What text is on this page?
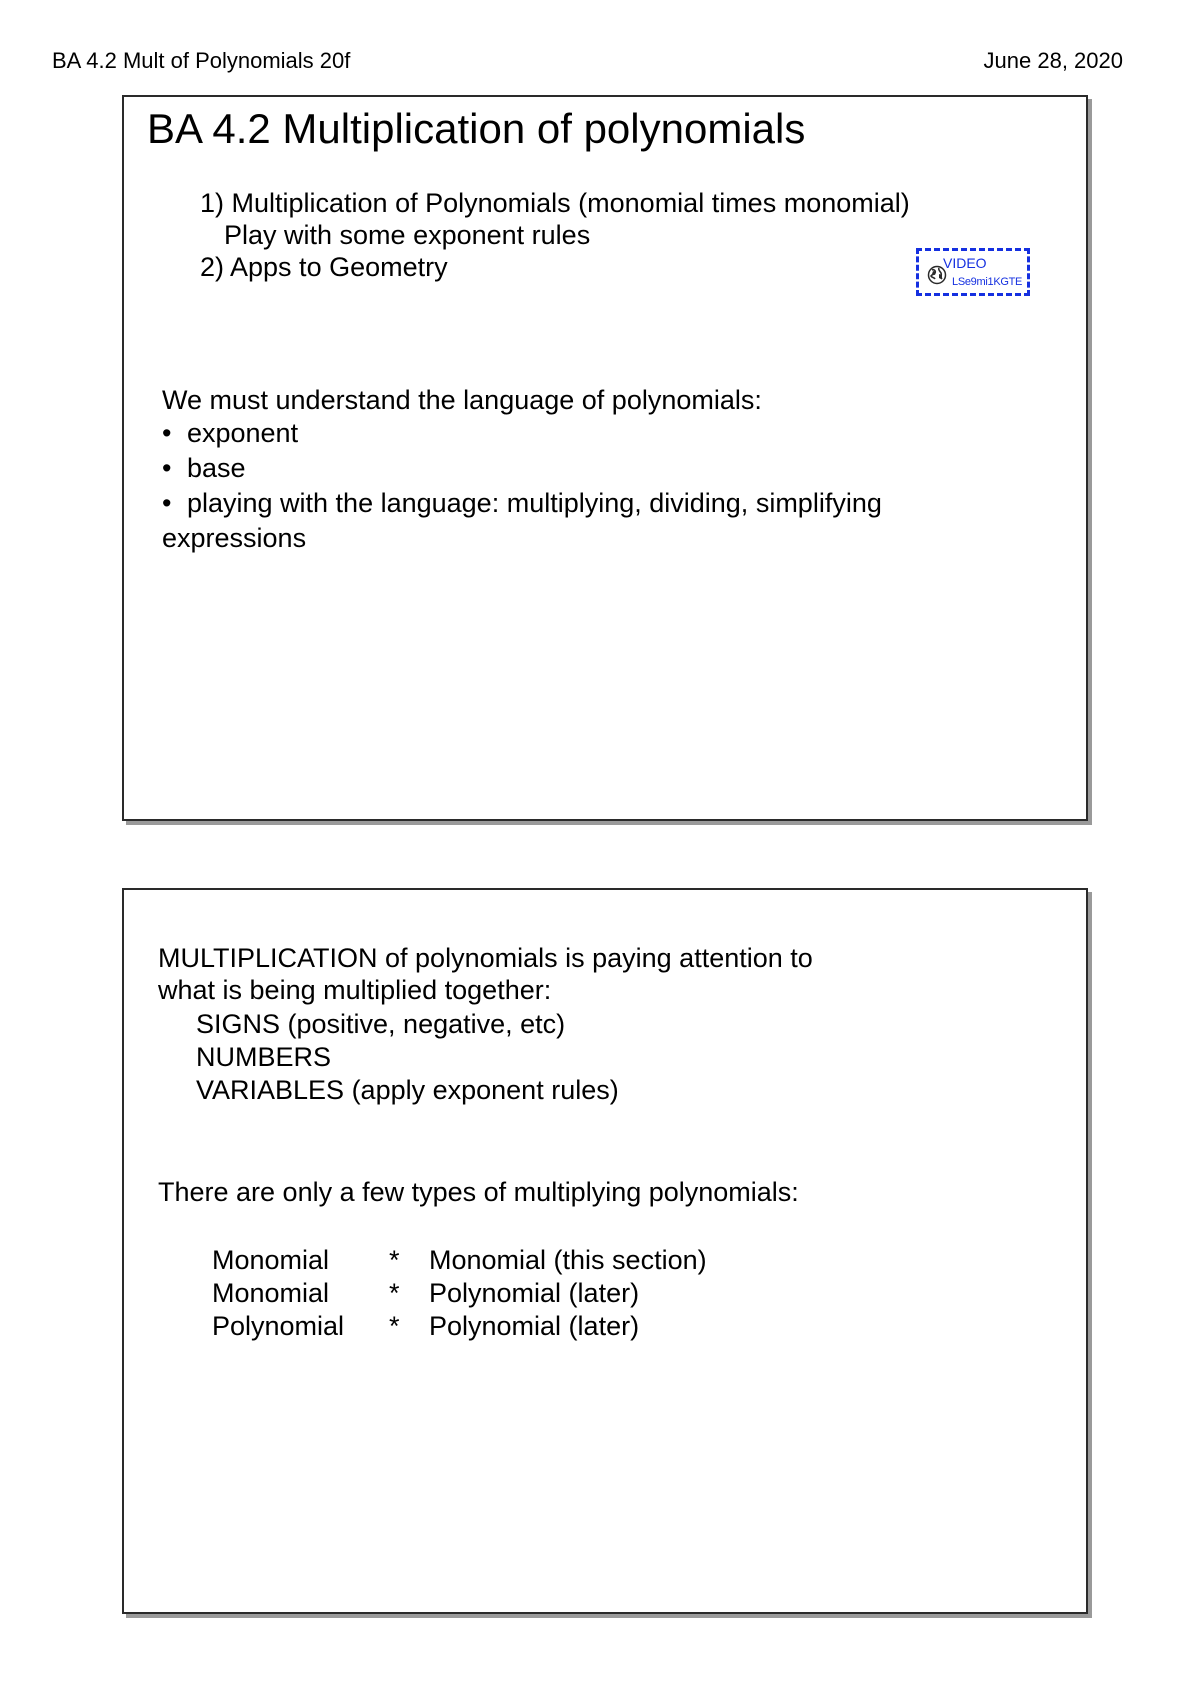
BA 4.2 Mult of Polynomials 20f	June 28, 2020
BA 4.2 Multiplication of polynomials
1) Multiplication of Polynomials (monomial times monomial)
Play with some exponent rules
2) Apps to Geometry	VIDEO
LSe9mi1KGTE
We must understand the language of polynomials:
• exponent
• base
• playing with the language: multiplying, dividing, simplifying
expressions
MULTIPLICATION of polynomials is paying attention to
what is being multiplied together:
SIGNS (positive, negative, etc)
NUMBERS
VARIABLES (apply exponent rules)
There are only a few types of multiplying polynomials:
Monomial * Monomial (this section)
Monomial * Polynomial (later)
Polynomial * Polynomial (later)
